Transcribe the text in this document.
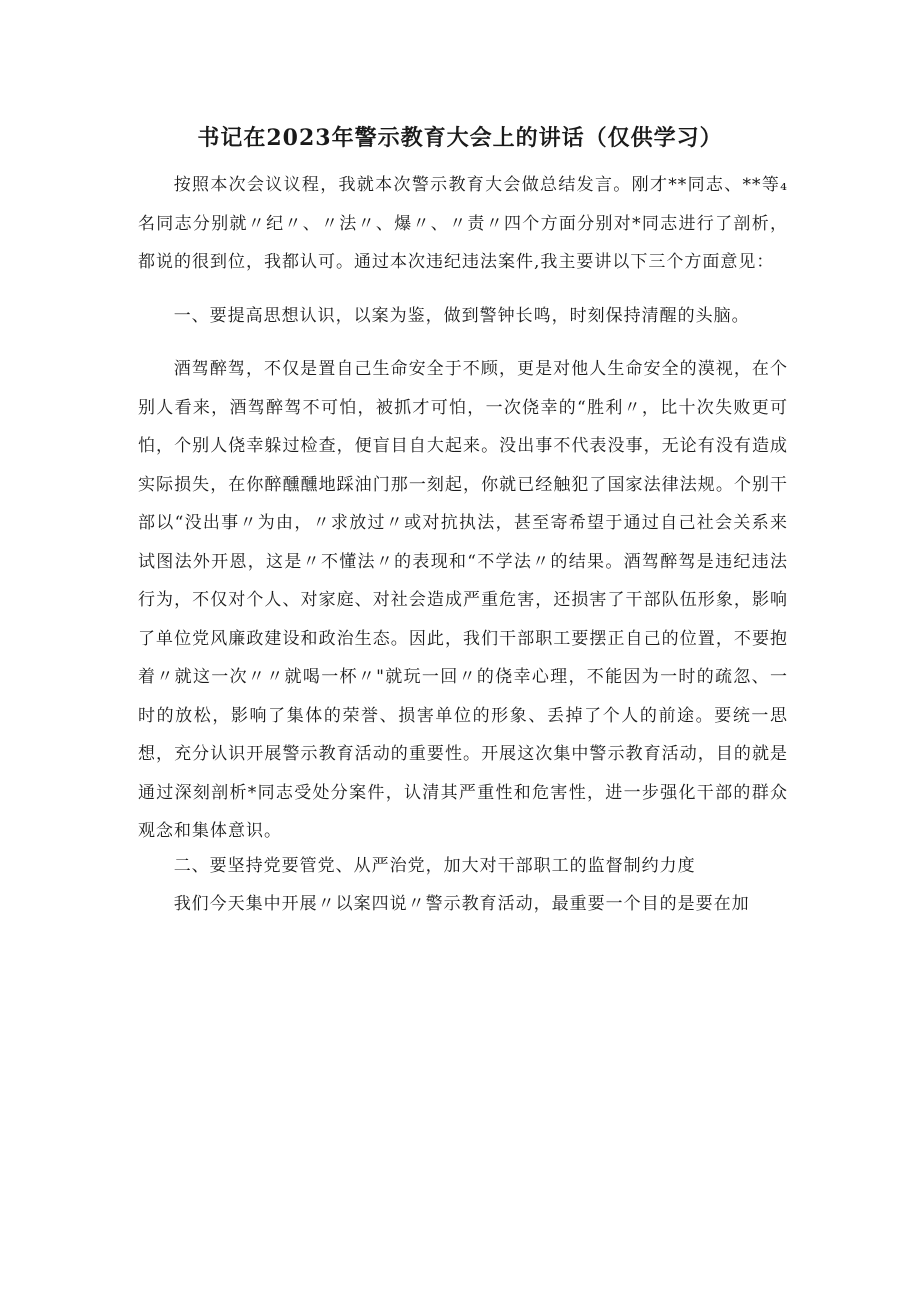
书记在2023年警示教育大会上的讲话（仅供学习）

按照本次会议议程，我就本次警示教育大会做总结发言。刚才**同志、**等₄名同志分别就〃纪〃、〃法〃、爆〃、〃责〃四个方面分别对*同志进行了剖析，都说的很到位，我都认可。通过本次违纪违法案件,我主要讲以下三个方面意见：

一、要提高思想认识，以案为鉴，做到警钟长鸣，时刻保持清醒的头脑。

酒驾醉驾，不仅是置自己生命安全于不顾，更是对他人生命安全的漠视，在个别人看来，酒驾醉驾不可怕，被抓才可怕，一次侥幸的“胜利〃，比十次失败更可怕，个别人侥幸躲过检查，便盲目自大起来。没出事不代表没事，无论有没有造成实际损失，在你醉醺醺地踩油门那一刻起，你就已经触犯了国家法律法规。个别干部以“没出事〃为由，〃求放过〃或对抗执法，甚至寄希望于通过自己社会关系来试图法外开恩，这是〃不懂法〃的表现和“不学法〃的结果。酒驾醉驾是违纪违法行为，不仅对个人、对家庭、对社会造成严重危害，还损害了干部队伍形象，影响了单位党风廉政建设和政治生态。因此，我们干部职工要摆正自己的位置，不要抱着〃就这一次〃〃就喝一杯〃"就玩一回〃的侥幸心理，不能因为一时的疏忽、一时的放松，影响了集体的荣誉、损害单位的形象、丢掉了个人的前途。要统一思想，充分认识开展警示教育活动的重要性。开展这次集中警示教育活动，目的就是通过深刻剖析*同志受处分案件，认清其严重性和危害性，进一步强化干部的群众观念和集体意识。

二、要坚持党要管党、从严治党，加大对干部职工的监督制约力度

我们今天集中开展〃以案四说〃警示教育活动，最重要一个目的是要在加
